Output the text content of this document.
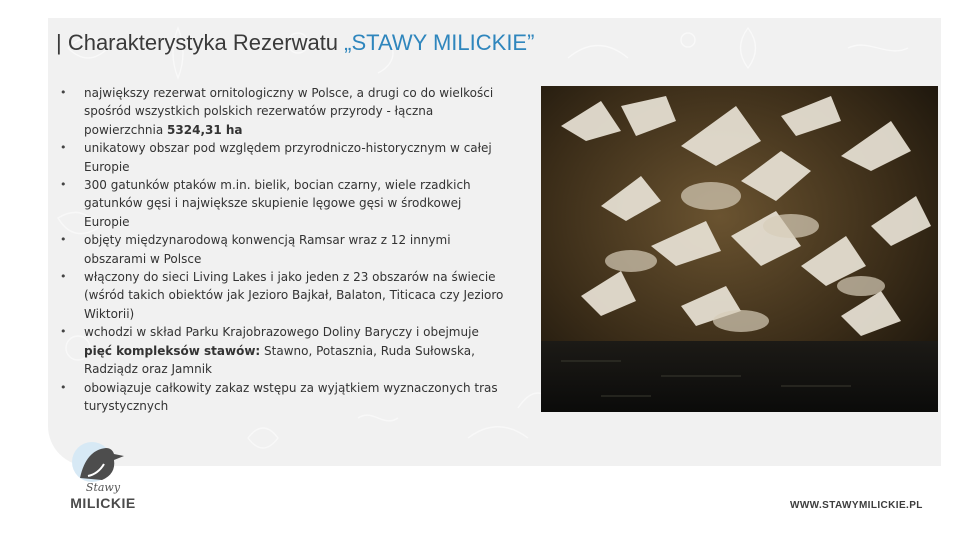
| Charakterystyka Rezerwatu „STAWY MILICKIE”
• największy rezerwat ornitologiczny w Polsce, a drugi co do wielkości spośród wszystkich polskich rezerwatów przyrody - łączna powierzchnia 5324,31 ha
• unikatowy obszar pod względem przyrodniczo-historycznym w całej Europie
• 300 gatunków ptaków m.in. bielik, bocian czarny, wiele rzadkich gatunków gęsi i największe skupienie lęgowe gęsi w środkowej Europie
• objęty międzynarodową konwencją Ramsar wraz z 12 innymi obszarami w Polsce
• włączony do sieci Living Lakes i jako jeden z 23 obszarów na świecie (wśród takich obiektów jak Jezioro Bajkał, Balaton, Titicaca czy Jezioro Wiktorii)
• wchodzi w skład Parku Krajobrazowego Doliny Baryczy i obejmuje pięć kompleksów stawów: Stawno, Potasznia, Ruda Sułowska, Radziądz oraz Jamnik
• obowiązuje całkowity zakaz wstępu za wyjątkiem wyznaczonych tras turystycznych
Stawy
MILICKIE	WWW.STAWYMILICKIE.PL
